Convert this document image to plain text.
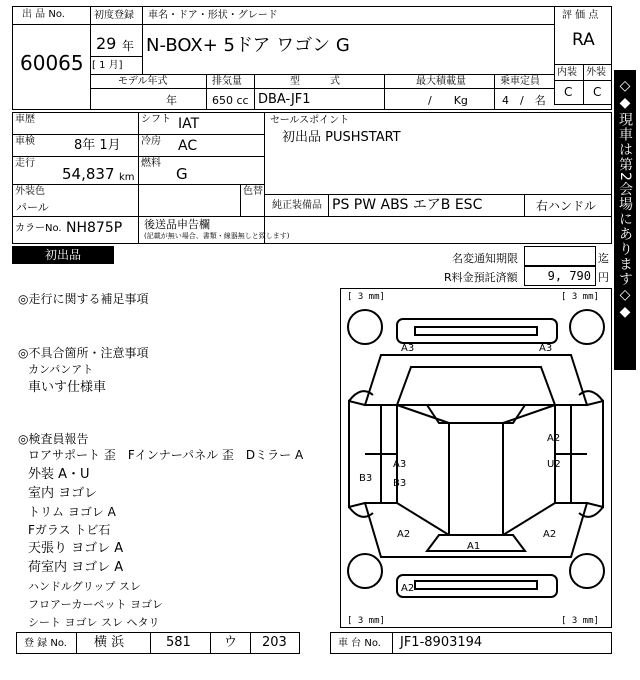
出 品 No.
60065
初度登録
29 年
[ 1 月]
車名・ドア・形状・グレード
N-BOX+ 5ドア ワゴン G
評 価 点
RA
内装 外装
C C
モデル年式
年
排気量
650 cc
型　　　式
DBA-JF1
最大積載量
/　　Kg
乗車定員
4　/　名
車歴	シフト IAT
車検	8年 1月 冷房 AC
走行
54,837 km
燃料
G
外装色
パール
色替
セールスポイント
初出品 PUSHSTART
純正装備品 PS PW ABS エアB ESC	右ハンドル
カラーNo. NH875P 後送品申告欄
(記載が無い場合、書類・線器無しと致します)
初出品	名変通知期限	迄
R料金預託済額 9, 790 円
◎走行に関する補足事項
◎不具合箇所・注意事項
カンパンアト
車いす仕様車
◎検査員報告
ロアサポート 歪　Fインナーパネル 歪　Dミラー A
外装 A・U
室内 ヨゴレ
トリム ヨゴレ A
Fガラス トビ石
天張り ヨゴレ A
荷室内 ヨゴレ A
ハンドルグリップ スレ
フロアーカーペット ヨゴレ
シート ヨゴレ スレ ヘタリ
[ 3 mm]	[ 3 mm]
[ 3 mm]	[ 3 mm]
A3	A3
A2
B3
A3
B3
U2
A2
A1
A2
A2
◇◆現車は第2会場にあります◇◆
登 録 No. 横 浜	581	ウ 203	車 台 No. JF1-8903194
